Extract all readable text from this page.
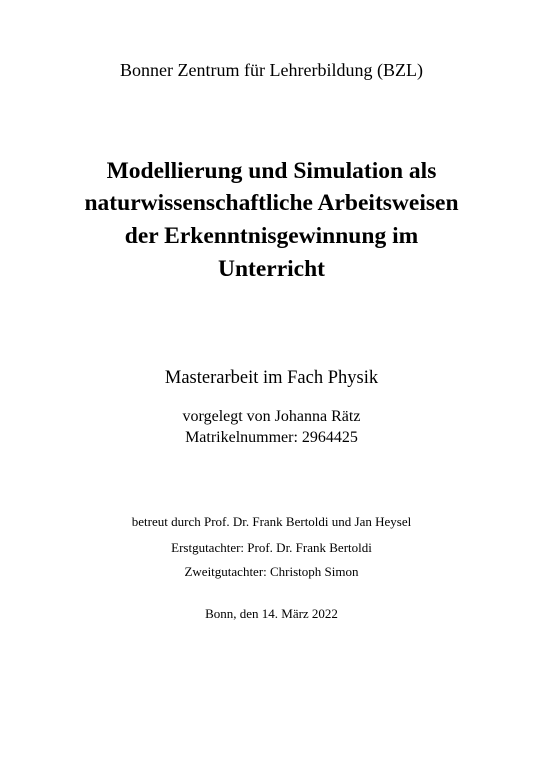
Bonner Zentrum für Lehrerbildung (BZL)
Modellierung und Simulation als
naturwissenschaftliche Arbeitsweisen
der Erkenntnisgewinnung im
Unterricht
Masterarbeit im Fach Physik
vorgelegt von Johanna Rätz
Matrikelnummer: 2964425
betreut durch Prof. Dr. Frank Bertoldi und Jan Heysel
Erstgutachter: Prof. Dr. Frank Bertoldi
Zweitgutachter: Christoph Simon
Bonn, den 14. März 2022
